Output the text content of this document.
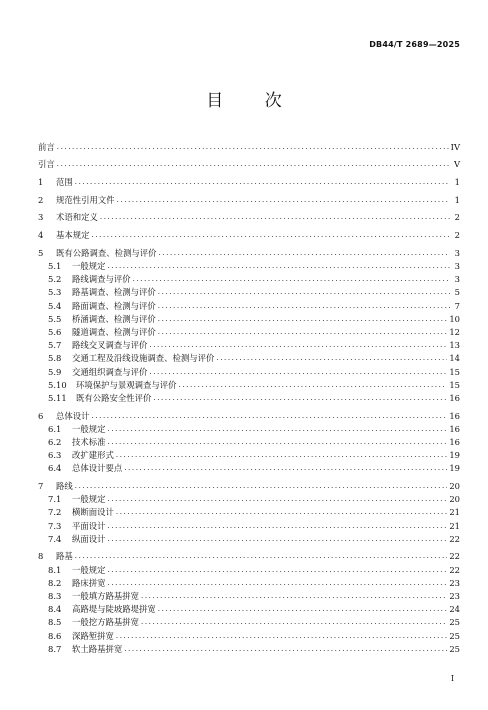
DB44/T 2689—2025
目 次
前言 .....	IV
引言 .....	V
1	范围 .....	1
2	规范性引用文件 .....	1
3	术语和定义 .....	2
4	基本规定 .....	2
5	既有公路调查、检测与评价 .....	3
5.1	一般规定 .....	3
5.2	路线调查与评价 .....	3
5.3	路基调查、检测与评价 .....	5
5.4	路面调查、检测与评价 .....	7
5.5	桥涵调查、检测与评价 .....	10
5.6	隧道调查、检测与评价 .....	12
5.7	路线交叉调查与评价 .....	13
5.8	交通工程及沿线设施调查、检测与评价 .....	14
5.9	交通组织调查与评价 .....	15
5.10	环境保护与景观调查与评价 .....	15
5.11	既有公路安全性评价 .....	16
6	总体设计 .....	16
6.1	一般规定 .....	16
6.2	技术标准 .....	16
6.3	改扩建形式 .....	19
6.4	总体设计要点 .....	19
7	路线 .....	20
7.1	一般规定 .....	20
7.2	横断面设计 .....	21
7.3	平面设计 .....	21
7.4	纵面设计 .....	22
8	路基 .....	22
8.1	一般规定 .....	22
8.2	路床拼宽 .....	23
8.3	一般填方路基拼宽 .....	23
8.4	高路堤与陡坡路堤拼宽 .....	24
8.5	一般挖方路基拼宽 .....	25
8.6	深路堑拼宽 .....	25
8.7	软土路基拼宽 .....	25
I
